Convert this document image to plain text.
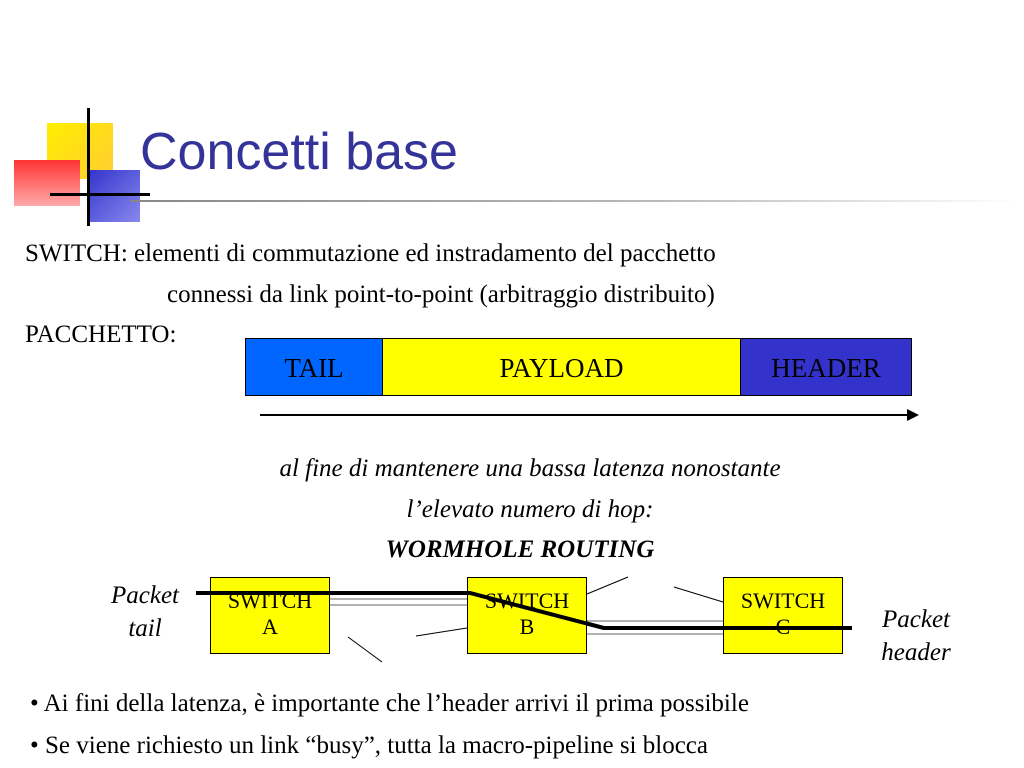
Concetti base
SWITCH: elementi di commutazione ed instradamento del pacchetto
connessi da link point-to-point (arbitraggio distribuito)
PACCHETTO:
TAIL	PAYLOAD	HEADER
al fine di mantenere una bassa latenza nonostante
l’elevato numero di hop:
WORMHOLE ROUTING
SWITCH
A
SWITCH
B
SWITCH
C
Packet
tail	Packet
header
• Ai fini della latenza, è importante che l’header arrivi il prima possibile
• Se viene richiesto un link “busy”, tutta la macro-pipeline si blocca
